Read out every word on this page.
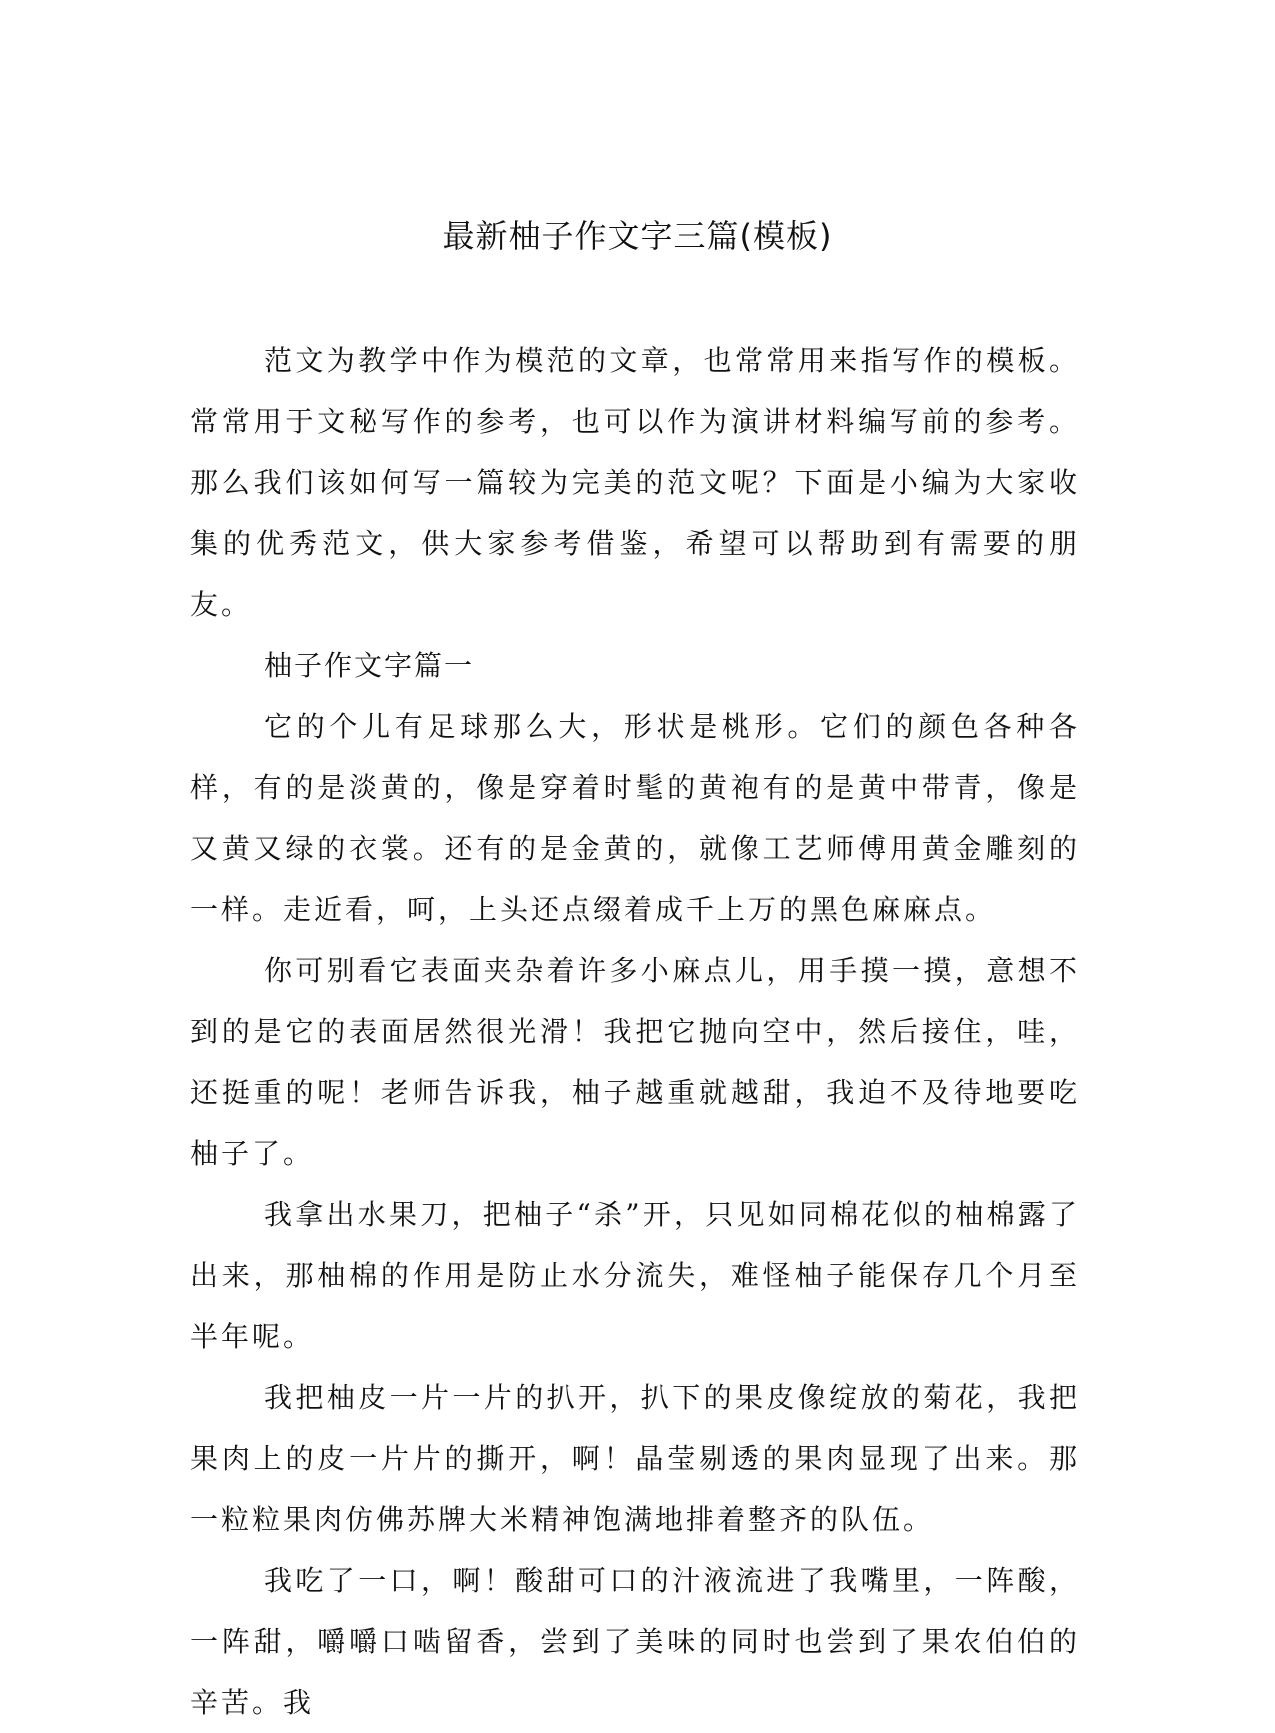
最新柚子作文字三篇(模板)

范文为教学中作为模范的文章，也常常用来指写作的模板。常常用于文秘写作的参考，也可以作为演讲材料编写前的参考。那么我们该如何写一篇较为完美的范文呢？下面是小编为大家收集的优秀范文，供大家参考借鉴，希望可以帮助到有需要的朋友。

柚子作文字篇一

它的个儿有足球那么大，形状是桃形。它们的颜色各种各样，有的是淡黄的，像是穿着时髦的黄袍有的是黄中带青，像是又黄又绿的衣裳。还有的是金黄的，就像工艺师傅用黄金雕刻的一样。走近看，呵，上头还点缀着成千上万的黑色麻麻点。

你可别看它表面夹杂着许多小麻点儿，用手摸一摸，意想不到的是它的表面居然很光滑！我把它抛向空中，然后接住，哇，还挺重的呢！老师告诉我，柚子越重就越甜，我迫不及待地要吃柚子了。

我拿出水果刀，把柚子“杀”开，只见如同棉花似的柚棉露了出来，那柚棉的作用是防止水分流失，难怪柚子能保存几个月至半年呢。

我把柚皮一片一片的扒开，扒下的果皮像绽放的菊花，我把果肉上的皮一片片的撕开，啊！晶莹剔透的果肉显现了出来。那一粒粒果肉仿佛苏牌大米精神饱满地排着整齐的队伍。

我吃了一口，啊！酸甜可口的汁液流进了我嘴里，一阵酸，一阵甜，嚼嚼口啮留香，尝到了美味的同时也尝到了果农伯伯的辛苦。我
